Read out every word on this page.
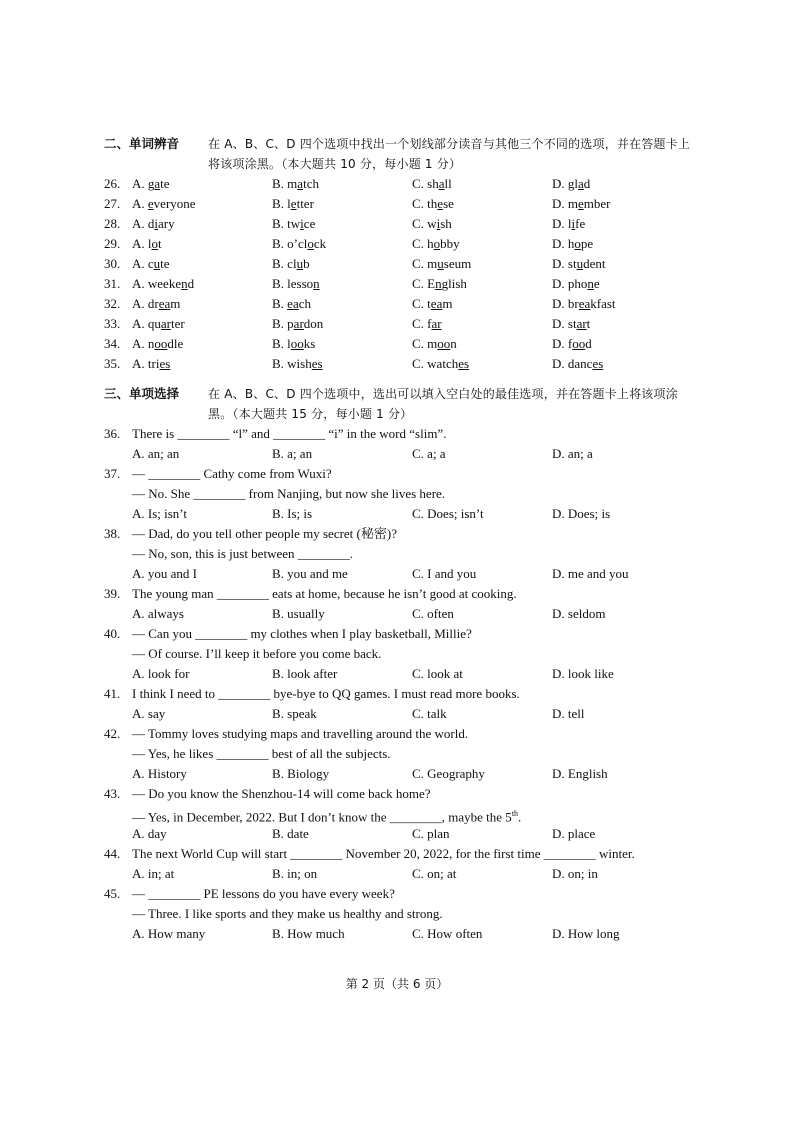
二、单词辨音 在 A、B、C、D 四个选项中找出一个划线部分读音与其他三个不同的选项，并在答题卡上将该项涂黑。（本大题共 10 分，每小题 1 分）
26. A. gate	B. match	C. shall	D. glad
27. A. everyone	B. letter	C. these	D. member
28. A. diary	B. twice	C. wish	D. life
29. A. lot	B. o’clock	C. hobby	D. hope
30. A. cute	B. club	C. museum	D. student
31. A. weekend	B. lesson	C. English	D. phone
32. A. dream	B. each	C. team	D. breakfast
33. A. quarter	B. pardon	C. far	D. start
34. A. noodle	B. looks	C. moon	D. food
35. A. tries	B. wishes	C. watches	D. dances
三、单项选择 在 A、B、C、D 四个选项中，选出可以填入空白处的最佳选项，并在答题卡上将该项涂黑。（本大题共 15 分，每小题 1 分）
36. There is ________ “l” and ________ “i” in the word “slim”.
A. an; an	B. a; an	C. a; a	D. an; a
37. — ________ Cathy come from Wuxi?
— No. She ________ from Nanjing, but now she lives here.
A. Is; isn’t	B. Is; is	C. Does; isn’t	D. Does; is
38. — Dad, do you tell other people my secret (秘密)?
— No, son, this is just between ________.
A. you and I	B. you and me	C. I and you	D. me and you
39. The young man ________ eats at home, because he isn’t good at cooking.
A. always	B. usually	C. often	D. seldom
40. — Can you ________ my clothes when I play basketball, Millie?
— Of course. I’ll keep it before you come back.
A. look for	B. look after	C. look at	D. look like
41. I think I need to ________ bye-bye to QQ games. I must read more books.
A. say	B. speak	C. talk	D. tell
42. — Tommy loves studying maps and travelling around the world.
— Yes, he likes ________ best of all the subjects.
A. History	B. Biology	C. Geography	D. English
43. — Do you know the Shenzhou-14 will come back home?
— Yes, in December, 2022. But I don’t know the ________, maybe the 5th.
A. day	B. date	C. plan	D. place
44. The next World Cup will start ________ November 20, 2022, for the first time ________ winter.
A. in; at	B. in; on	C. on; at	D. on; in
45. — ________ PE lessons do you have every week?
— Three. I like sports and they make us healthy and strong.
A. How many	B. How much	C. How often	D. How long
第 2 页（共 6 页）
